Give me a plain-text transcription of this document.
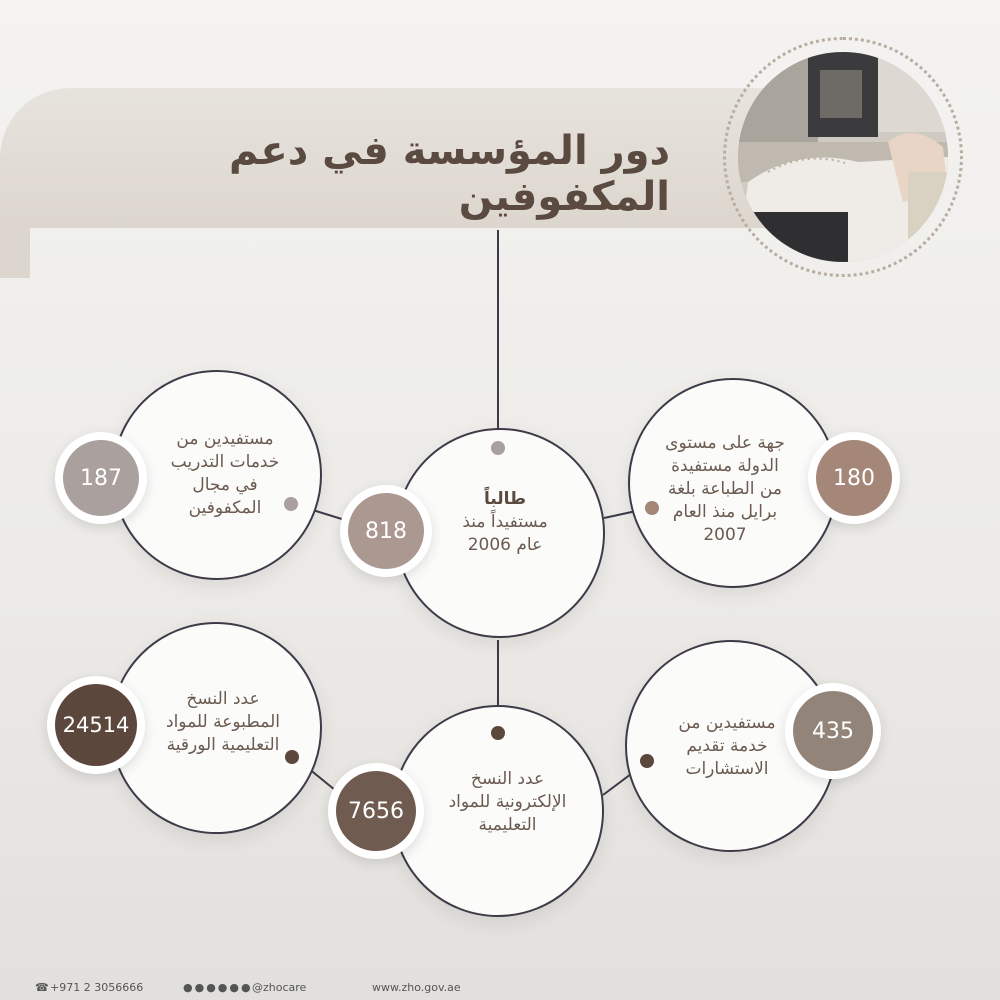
دور المؤسسة في دعم المكفوفين
مستفيدين من
خدمات التدريب
في مجال
المكفوفين
187
جهة على مستوى
الدولة مستفيدة
من الطباعة بلغة
برايل منذ العام
2007
180
طالباً
مستفيداً منذ
عام 2006
818
عدد النسخ
المطبوعة للمواد
التعليمية الورقية
24514	مستفيدين من
خدمة تقديم
الاستشارات
435
عدد النسخ
الإلكترونية للمواد
التعليمية
7656
☎ +971 2 3056666	●●●●●● @zhocare	www.zho.gov.ae
